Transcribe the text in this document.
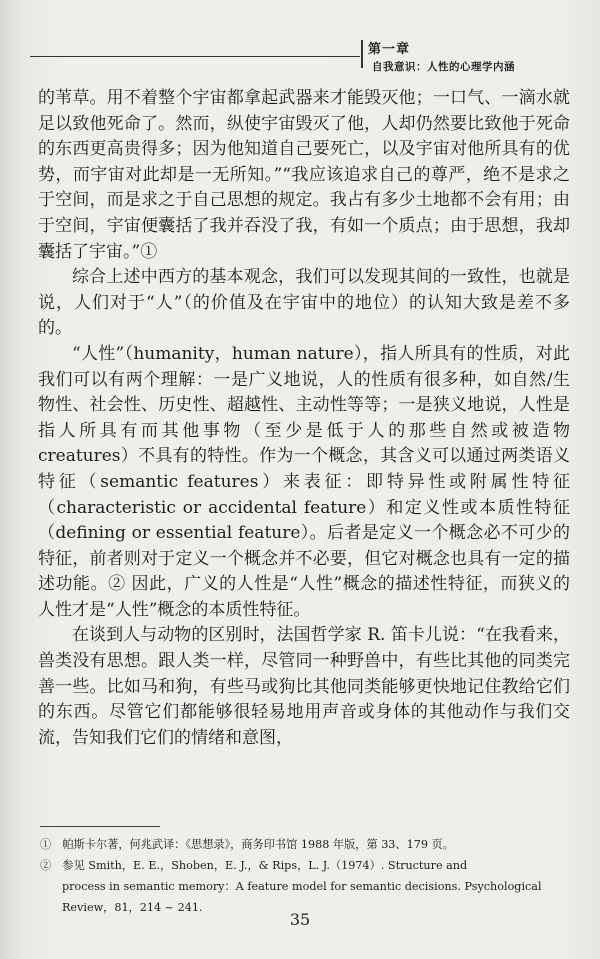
第一章
自我意识：人性的心理学内涵

的苇草。用不着整个宇宙都拿起武器来才能毁灭他；一口气、一滴水就足以致他死命了。然而，纵使宇宙毁灭了他，人却仍然要比致他于死命的东西更高贵得多；因为他知道自己要死亡，以及宇宙对他所具有的优势，而宇宙对此却是一无所知。”“我应该追求自己的尊严，绝不是求之于空间，而是求之于自己思想的规定。我占有多少土地都不会有用；由于空间，宇宙便囊括了我并吞没了我，有如一个质点；由于思想，我却囊括了宇宙。”①

综合上述中西方的基本观念，我们可以发现其间的一致性，也就是说，人们对于“人”（的价值及在宇宙中的地位）的认知大致是差不多的。

“人性”（humanity，human nature），指人所具有的性质，对此我们可以有两个理解：一是广义地说，人的性质有很多种，如自然/生物性、社会性、历史性、超越性、主动性等等；一是狭义地说，人性是指人所具有而其他事物（至少是低于人的那些自然或被造物 creatures）不具有的特性。作为一个概念，其含义可以通过两类语义特征（semantic features）来表征：即特异性或附属性特征（characteristic or accidental feature）和定义性或本质性特征（defining or essential feature）。后者是定义一个概念必不可少的特征，前者则对于定义一个概念并不必要，但它对概念也具有一定的描述功能。② 因此，广义的人性是“人性”概念的描述性特征，而狭义的人性才是“人性”概念的本质性特征。

在谈到人与动物的区别时，法国哲学家 R. 笛卡儿说：“在我看来，兽类没有思想。跟人类一样，尽管同一种野兽中，有些比其他的同类完善一些。比如马和狗，有些马或狗比其他同类能够更快地记住教给它们的东西。尽管它们都能够很轻易地用声音或身体的其他动作与我们交流，告知我们它们的情绪和意图，

①　帕斯卡尔著，何兆武译：《思想录》，商务印书馆 1988 年版，第 33、179 页。

②　参见 Smith，E. E.，Shoben，E. J.，& Rips，L. J.（1974）. Structure and

process in semantic memory：A feature model for semantic decisions. Psychological Review，81，214 ~ 241.

35
